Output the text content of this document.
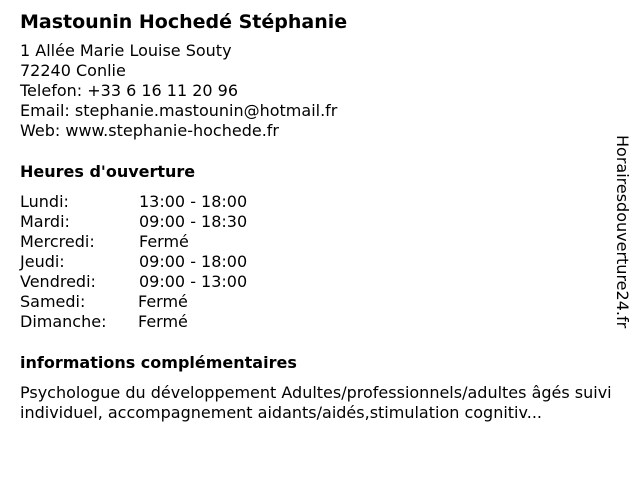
Mastounin Hochedé Stéphanie
1 Allée Marie Louise Souty
72240 Conlie
Telefon: +33 6 16 11 20 96
Email: stephanie.mastounin@hotmail.fr
Web: www.stephanie-hochede.fr
Heures d'ouverture
Lundi:	13:00 - 18:00
Mardi:	09:00 - 18:30
Mercredi:	Fermé
Jeudi:	09:00 - 18:00
Vendredi:	09:00 - 13:00
Samedi:	Fermé
Dimanche:	Fermé
informations complémentaires
Psychologue du développement Adultes/professionnels/adultes âgés suivi individuel, accompagnement aidants/aidés,stimulation cognitiv...
Horairesdouverture24.fr
